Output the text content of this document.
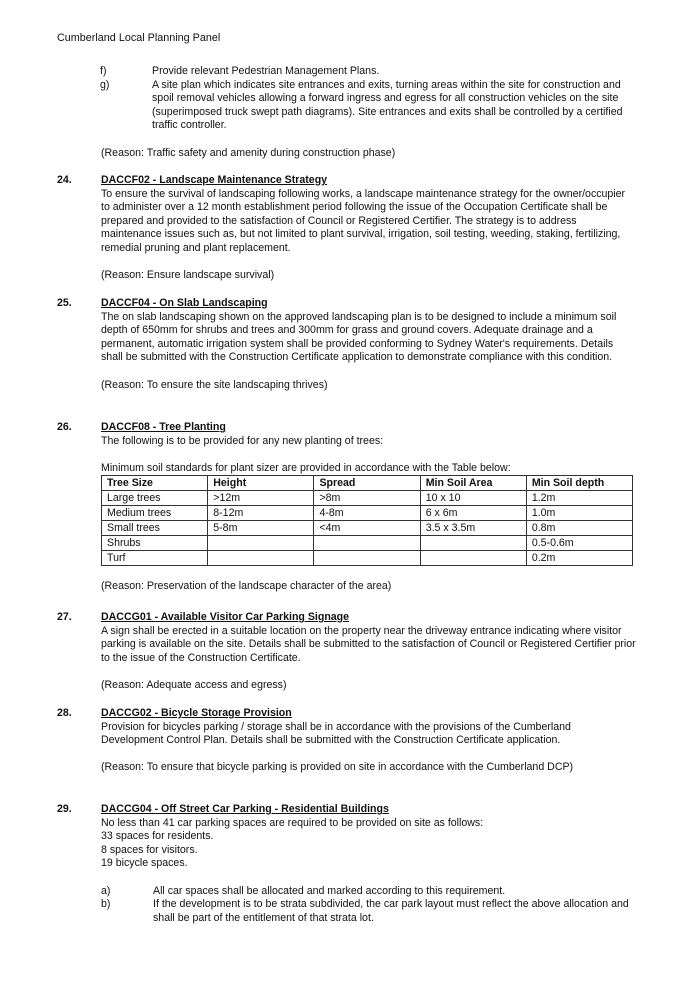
Cumberland Local Planning Panel
f)	Provide relevant Pedestrian Management Plans.
g)	A site plan which indicates site entrances and exits, turning areas within the site for construction and spoil removal vehicles allowing a forward ingress and egress for all construction vehicles on the site (superimposed truck swept path diagrams). Site entrances and exits shall be controlled by a certified traffic controller.
(Reason: Traffic safety and amenity during construction phase)
24.	DACCF02 - Landscape Maintenance Strategy

To ensure the survival of landscaping following works, a landscape maintenance strategy for the owner/occupier to administer over a 12 month establishment period following the issue of the Occupation Certificate shall be prepared and provided to the satisfaction of Council or Registered Certifier. The strategy is to address maintenance issues such as, but not limited to plant survival, irrigation, soil testing, weeding, staking, fertilizing, remedial pruning and plant replacement.

(Reason: Ensure landscape survival)

25.	DACCF04 - On Slab Landscaping

The on slab landscaping shown on the approved landscaping plan is to be designed to include a minimum soil depth of 650mm for shrubs and trees and 300mm for grass and ground covers. Adequate drainage and a permanent, automatic irrigation system shall be provided conforming to Sydney Water's requirements. Details shall be submitted with the Construction Certificate application to demonstrate compliance with this condition.

(Reason: To ensure the site landscaping thrives)

26.	DACCF08 - Tree Planting

The following is to be provided for any new planting of trees:

Minimum soil standards for plant sizer are provided in accordance with the Table below:

Tree Size	Height	Spread	Min Soil Area	Min Soil depth
Large trees	>12m	>8m	10 x 10	1.2m
Medium trees	8-12m	4-8m	6 x 6m	1.0m
Small trees	5-8m	<4m	3.5 x 3.5m	0.8m
Shrubs				0.5-0.6m
Turf				0.2m

(Reason: Preservation of the landscape character of the area)

27.	DACCG01 - Available Visitor Car Parking Signage

A sign shall be erected in a suitable location on the property near the driveway entrance indicating where visitor parking is available on the site. Details shall be submitted to the satisfaction of Council or Registered Certifier prior to the issue of the Construction Certificate.

(Reason: Adequate access and egress)

28.	DACCG02 - Bicycle Storage Provision

Provision for bicycles parking / storage shall be in accordance with the provisions of the Cumberland Development Control Plan. Details shall be submitted with the Construction Certificate application.

(Reason: To ensure that bicycle parking is provided on site in accordance with the Cumberland DCP)

29.	DACCG04 - Off Street Car Parking - Residential Buildings

No less than 41 car parking spaces are required to be provided on site as follows:

33 spaces for residents.

8 spaces for visitors.

19 bicycle spaces.

a)	All car spaces shall be allocated and marked according to this requirement.
b)	If the development is to be strata subdivided, the car park layout must reflect the above allocation and shall be part of the entitlement of that strata lot.
